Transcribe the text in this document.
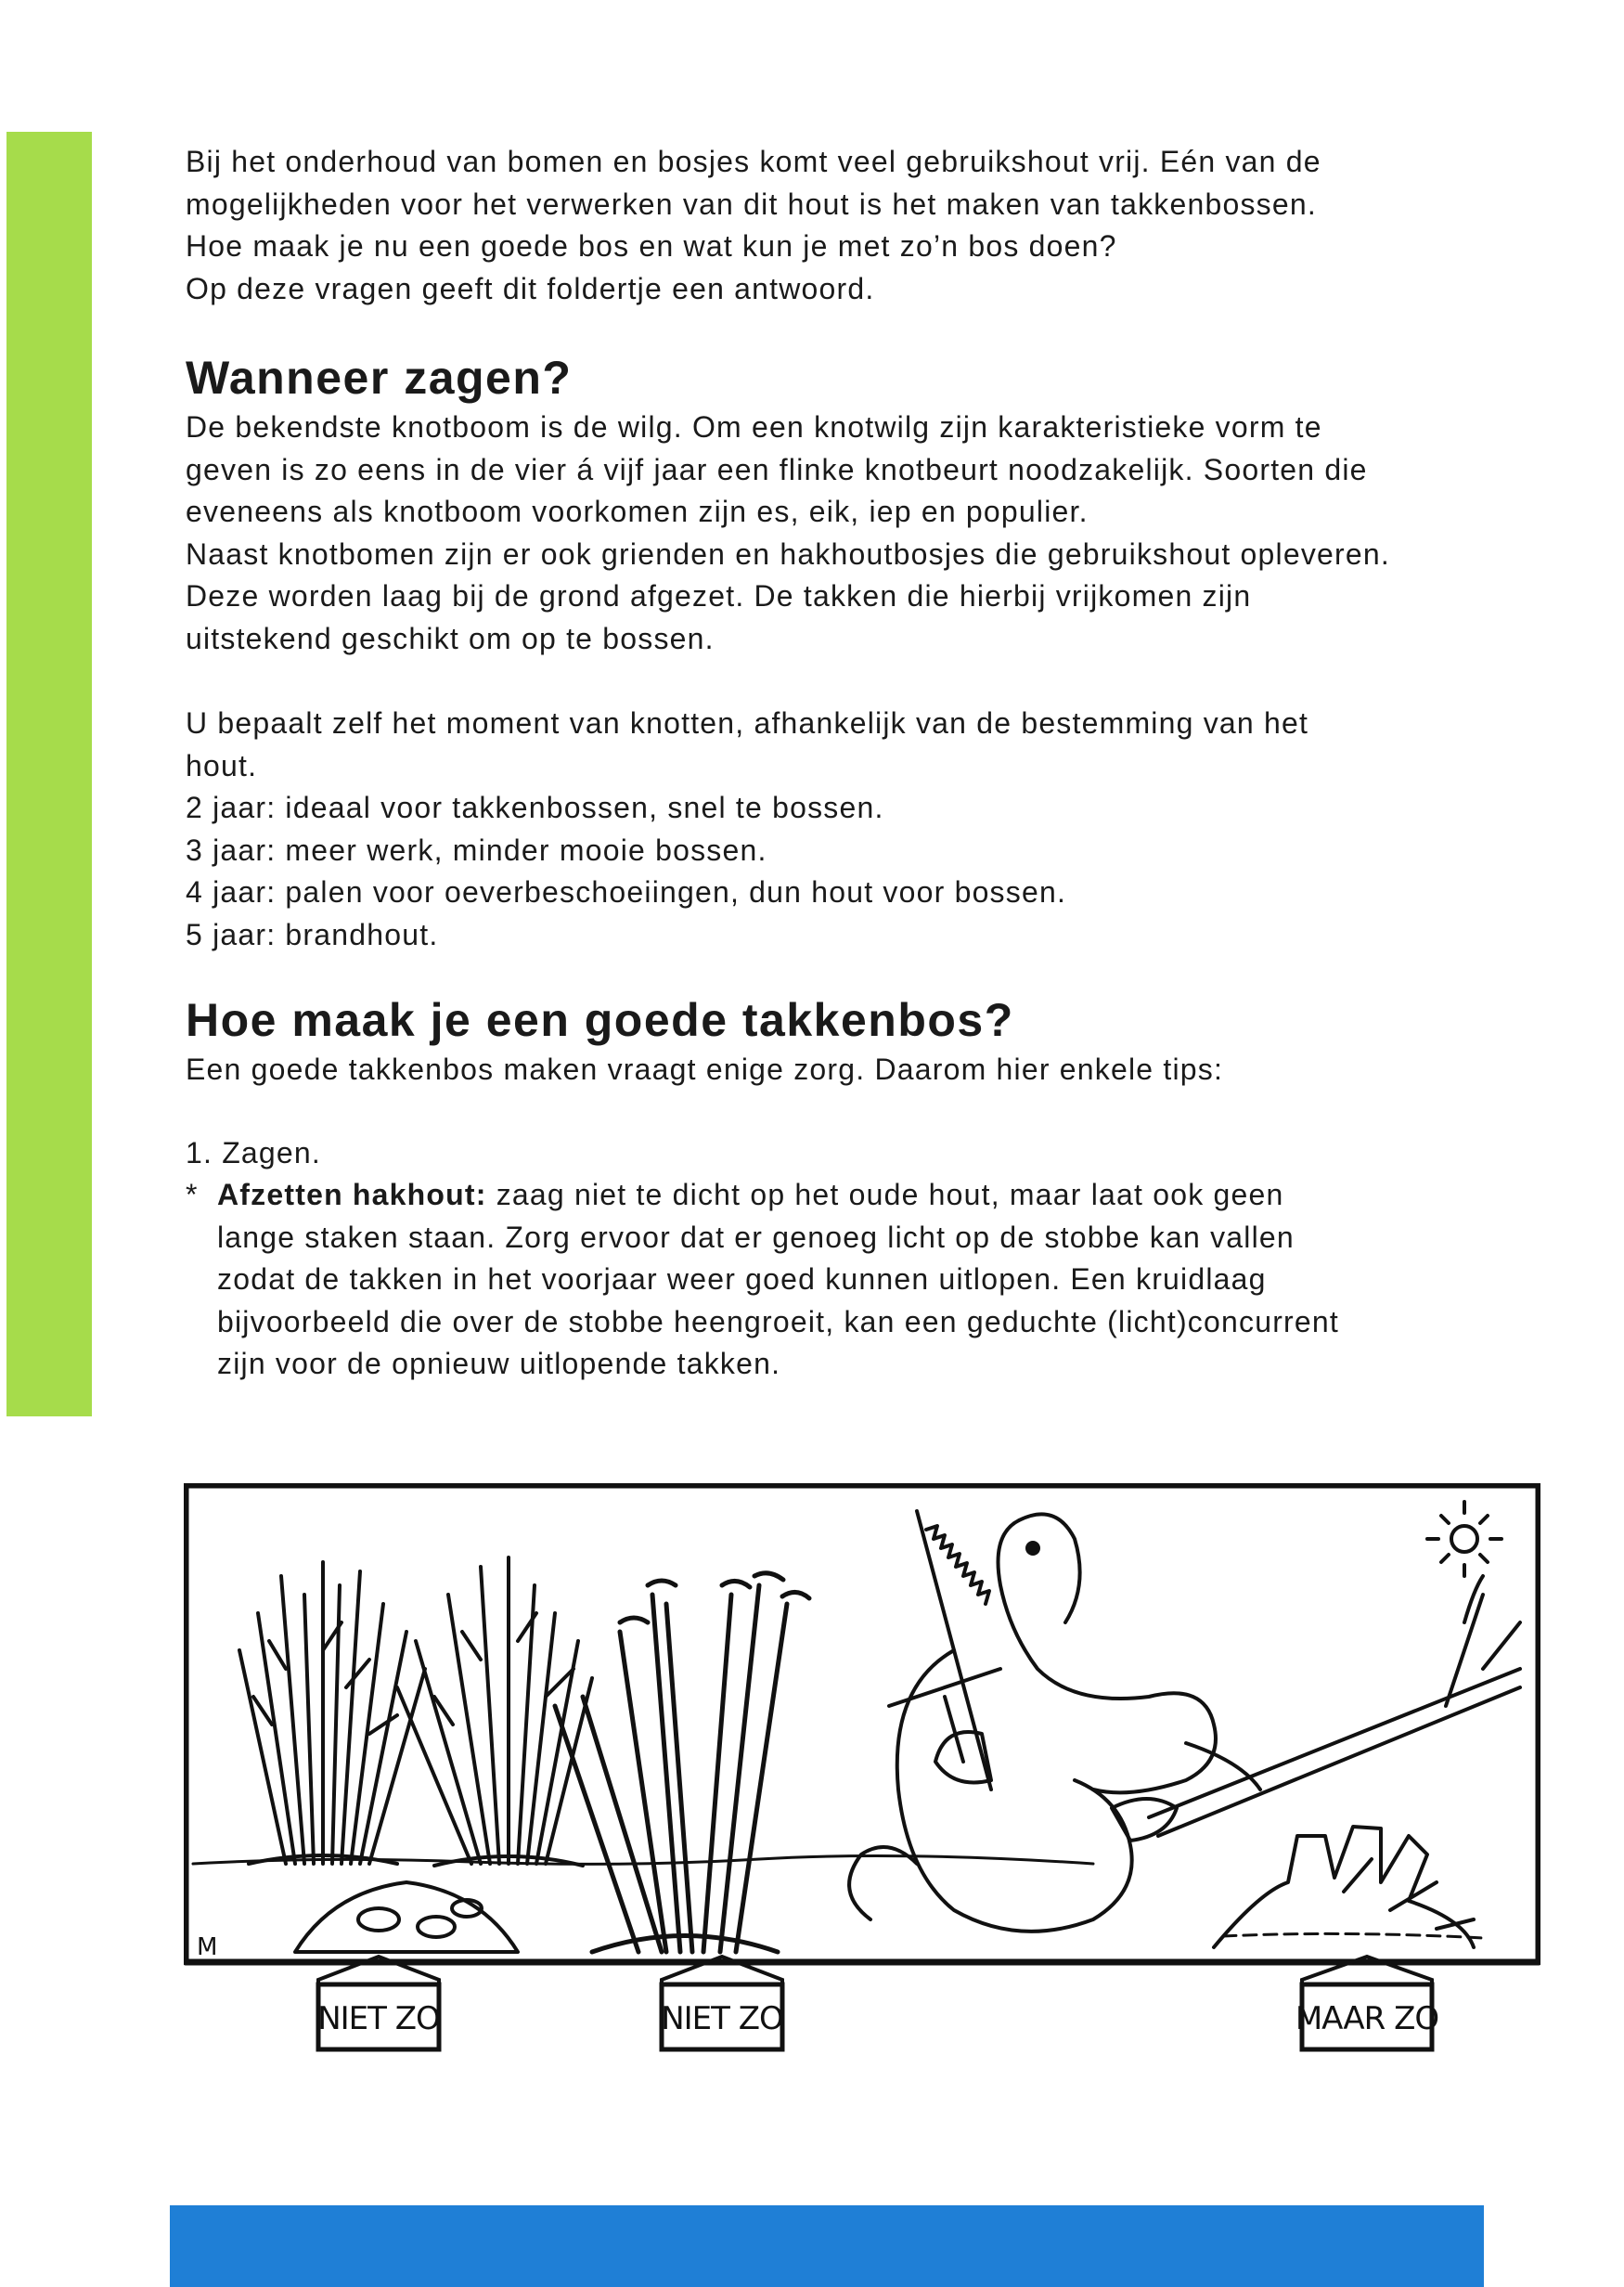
Bij het onderhoud van bomen en bosjes komt veel gebruikshout vrij. Eén van de
mogelijkheden voor het verwerken van dit hout is het maken van takkenbossen.
Hoe maak je nu een goede bos en wat kun je met zo’n bos doen?
Op deze vragen geeft dit foldertje een antwoord.

Wanneer zagen?

De bekendste knotboom is de wilg. Om een knotwilg zijn karakteristieke vorm te
geven is zo eens in de vier á vijf jaar een flinke knotbeurt noodzakelijk. Soorten die
eveneens als knotboom voorkomen zijn es, eik, iep en populier.
Naast knotbomen zijn er ook grienden en hakhoutbosjes die gebruikshout opleveren.
Deze worden laag bij de grond afgezet. De takken die hierbij vrijkomen zijn
uitstekend geschikt om op te bossen.

U bepaalt zelf het moment van knotten, afhankelijk van de bestemming van het
hout.
2 jaar: ideaal voor takkenbossen, snel te bossen.
3 jaar: meer werk, minder mooie bossen.
4 jaar: palen voor oeverbeschoeiingen, dun hout voor bossen.
5 jaar: brandhout.

Hoe maak je een goede takkenbos?

Een goede takkenbos maken vraagt enige zorg. Daarom hier enkele tips:

1. Zagen.

* Afzetten hakhout: zaag niet te dicht op het oude hout, maar laat ook geen
lange staken staan. Zorg ervoor dat er genoeg licht op de stobbe kan vallen
zodat de takken in het voorjaar weer goed kunnen uitlopen. Een kruidlaag
bijvoorbeeld die over de stobbe heengroeit, kan een geduchte (licht)concurrent
zijn voor de opnieuw uitlopende takken.
M
NIET ZO	NIET ZO	MAAR ZO
